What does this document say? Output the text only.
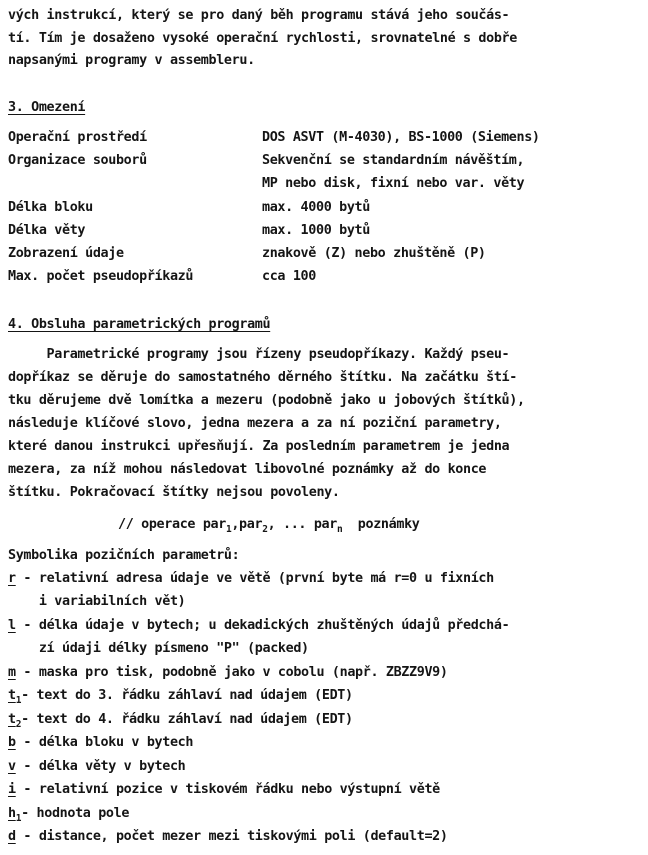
vých instrukcí, který se pro daný běh programu stává jeho součás-
tí. Tím je dosaženo vysoké operační rychlosti, srovnatelné s dobře
napsanými programy v assembleru.
3. Omezení
Operační prostředí	DOS ASVT (M-4030), BS-1000 (Siemens)
Organizace souborů	Sekvenční se standardním návěštím,
MP nebo disk, fixní nebo var. věty
Délka bloku	max. 4000 bytů
Délka věty	max. 1000 bytů
Zobrazení údaje	znakově (Z) nebo zhuštěně (P)
Max. počet pseudopříkazů	cca 100
4. Obsluha parametrických programů
Parametrické programy jsou řízeny pseudopříkazy. Každý pseu-
dopříkaz se děruje do samostatného děrného štítku. Na začátku ští-
tku děrujeme dvě lomítka a mezeru (podobně jako u jobových štítků),
následuje klíčové slovo, jedna mezera a za ní poziční parametry,
které danou instrukci upřesňují. Za posledním parametrem je jedna
mezera, za níž mohou následovat libovolné poznámky až do konce
štítku. Pokračovací štítky nejsou povoleny.
// operace par$_1$,par$_2$, ... par$_n$  poznámky
Symbolika pozičních parametrů:
r - relativní adresa údaje ve větě (první byte má r=0 u fixních
i variabilních vět)
l - délka údaje v bytech; u dekadických zhuštěných údajů předchá-
zí údaji délky písmeno "P" (packed)
m - maska pro tisk, podobně jako v cobolu (např. ZBZZ9V9)
$t_1-$ text do 3. řádku záhlaví nad údajem (EDT)
$t_2-$ text do 4. řádku záhlaví nad údajem (EDT)
b - délka bloku v bytech
v - délka věty v bytech
i - relativní pozice v tiskovém řádku nebo výstupní větě
$h_1-$ hodnota pole
d - distance, počet mezer mezi tiskovými poli (default=2)
